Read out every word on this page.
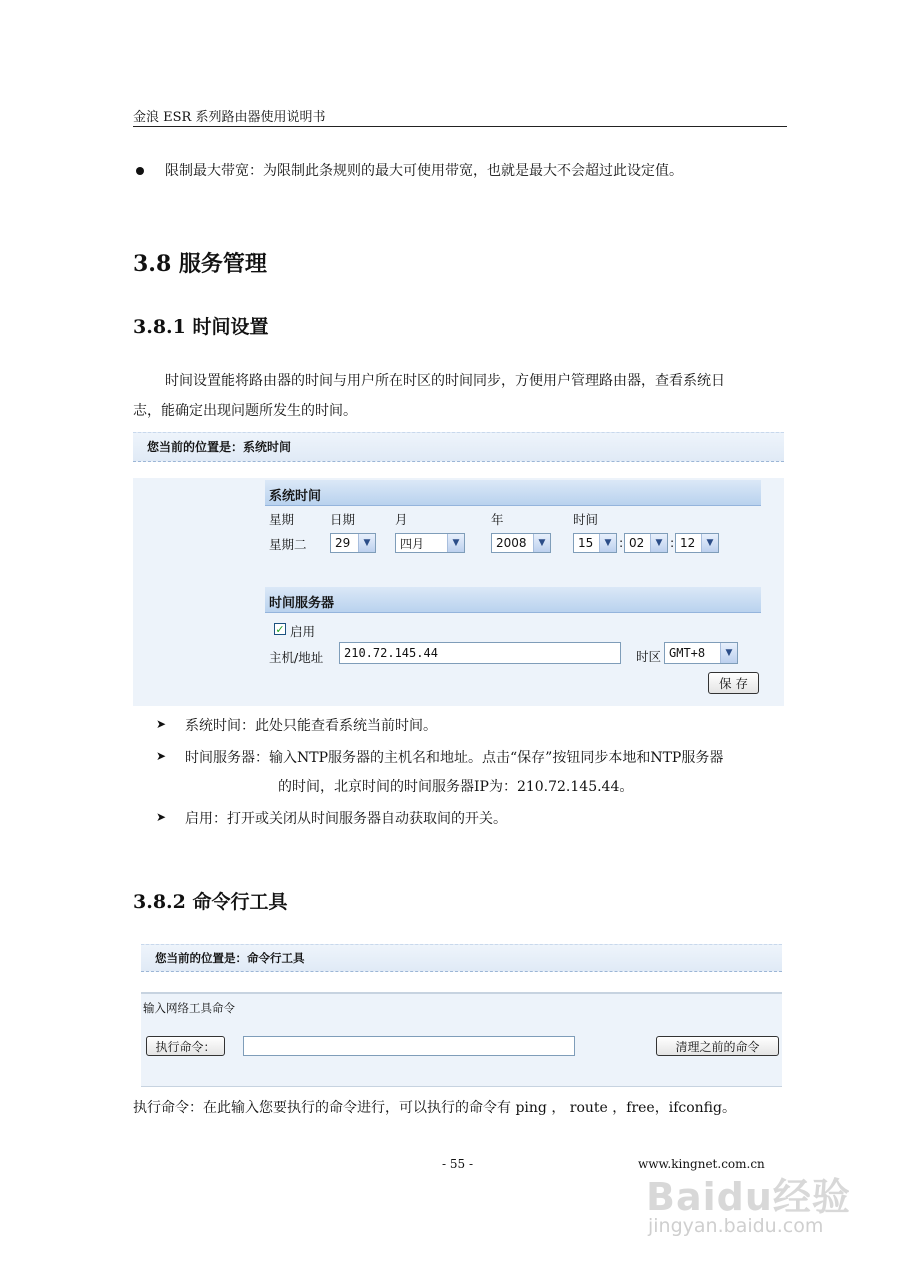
金浪 ESR 系列路由器使用说明书
限制最大带宽：为限制此条规则的最大可使用带宽，也就是最大不会超过此设定值。
3.8 服务管理
3.8.1 时间设置
时间设置能将路由器的时间与用户所在时区的时间同步，方便用户管理路由器，查看系统日
志，能确定出现问题所发生的时间。
您当前的位置是：系统时间
系统时间
星期	日期	月	年	时间
星期二	29	▼	四月	▼	2008	▼	15	▼ : 02	▼ : 12	▼
时间服务器
✓ 启用
主机/地址	210.72.145.44	时区 GMT+8	▼
保 存
➤ 系统时间：此处只能查看系统当前时间。
➤ 时间服务器：输入NTP服务器的主机名和地址。点击“保存”按钮同步本地和NTP服务器
的时间，北京时间的时间服务器IP为：210.72.145.44。
➤ 启用：打开或关闭从时间服务器自动获取间的开关。
3.8.2 命令行工具
您当前的位置是：命令行工具
输入网络工具命令
执行命令：	清理之前的命令
执行命令：在此输入您要执行的命令进行，可以执行的命令有 ping ， route ，free，ifconfig。
- 55 -	www.kingnet.com.cn
Baidu经验
jingyan.baidu.com
